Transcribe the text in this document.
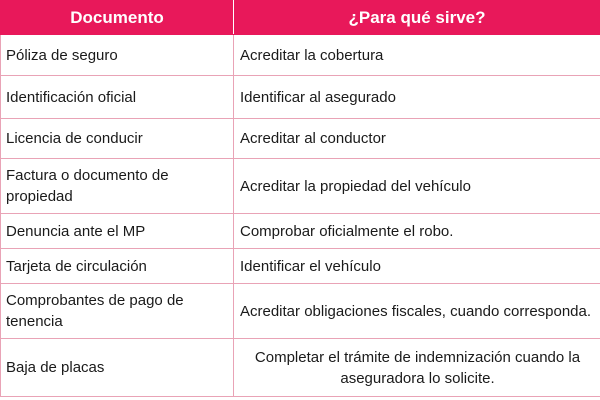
Documento	¿Para qué sirve?
Póliza de seguro	Acreditar la cobertura
Identificación oficial	Identificar al asegurado
Licencia de conducir	Acreditar al conductor
Factura o documento de propiedad	Acreditar la propiedad del vehículo
Denuncia ante el MP	Comprobar oficialmente el robo.
Tarjeta de circulación	Identificar el vehículo
Comprobantes de pago de tenencia	Acreditar obligaciones fiscales, cuando corresponda.
Baja de placas	Completar el trámite de indemnización cuando la aseguradora lo solicite.
